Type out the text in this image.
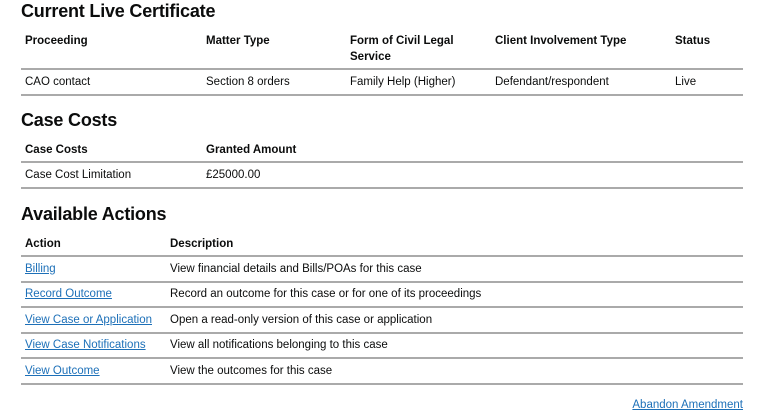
Current Live Certificate
Proceeding	Matter Type	Form of Civil Legal Service	Client Involvement Type	Status
CAO contact	Section 8 orders	Family Help (Higher)	Defendant/respondent	Live
Case Costs
Case Costs	Granted Amount
Case Cost Limitation	£25000.00
Available Actions
Action	Description
Billing	View financial details and Bills/POAs for this case
Record Outcome	Record an outcome for this case or for one of its proceedings
View Case or Application	Open a read-only version of this case or application
View Case Notifications	View all notifications belonging to this case
View Outcome	View the outcomes for this case
Abandon Amendment
